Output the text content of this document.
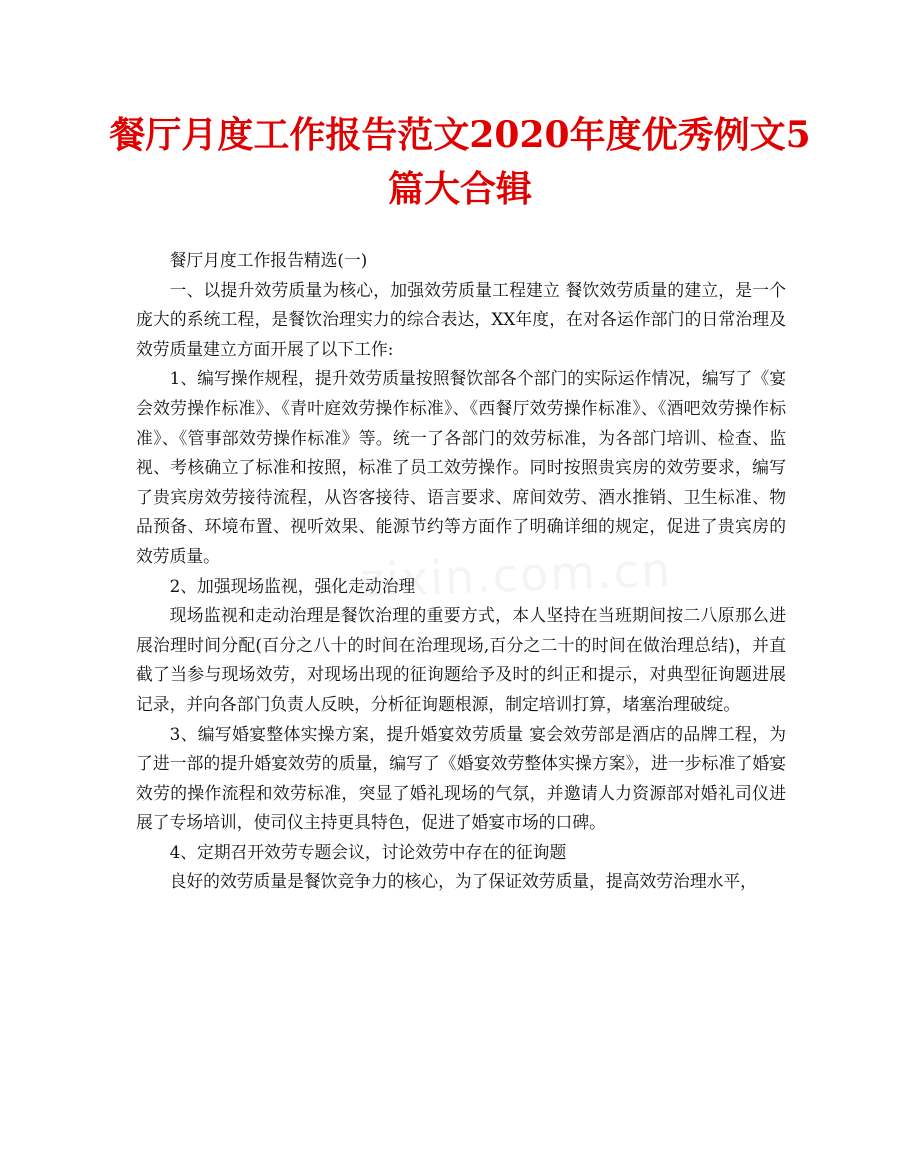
餐厅月度工作报告范文2020年度优秀例文5篇大合辑
zixin.com.cn

餐厅月度工作报告精选(一)

一、以提升效劳质量为核心，加强效劳质量工程建立 餐饮效劳质量的建立，是一个庞大的系统工程，是餐饮治理实力的综合表达，XX年度，在对各运作部门的日常治理及效劳质量建立方面开展了以下工作:

1、编写操作规程，提升效劳质量按照餐饮部各个部门的实际运作情况，编写了《宴会效劳操作标准》、《青叶庭效劳操作标准》、《西餐厅效劳操作标准》、《酒吧效劳操作标准》、《管事部效劳操作标准》等。统一了各部门的效劳标准，为各部门培训、检查、监视、考核确立了标准和按照，标准了员工效劳操作。同时按照贵宾房的效劳要求，编写了贵宾房效劳接待流程，从咨客接待、语言要求、席间效劳、酒水推销、卫生标准、物品预备、环境布置、视听效果、能源节约等方面作了明确详细的规定，促进了贵宾房的效劳质量。

2、加强现场监视，强化走动治理

现场监视和走动治理是餐饮治理的重要方式，本人坚持在当班期间按二八原那么进展治理时间分配(百分之八十的时间在治理现场,百分之二十的时间在做治理总结)，并直截了当参与现场效劳，对现场出现的征询题给予及时的纠正和提示，对典型征询题进展记录，并向各部门负责人反映，分析征询题根源，制定培训打算，堵塞治理破绽。

3、编写婚宴整体实操方案，提升婚宴效劳质量 宴会效劳部是酒店的品牌工程，为了进一部的提升婚宴效劳的质量，编写了《婚宴效劳整体实操方案》，进一步标准了婚宴效劳的操作流程和效劳标准，突显了婚礼现场的气氛，并邀请人力资源部对婚礼司仪进展了专场培训，使司仪主持更具特色，促进了婚宴市场的口碑。

4、定期召开效劳专题会议，讨论效劳中存在的征询题

良好的效劳质量是餐饮竞争力的核心，为了保证效劳质量，提高效劳治理水平，
